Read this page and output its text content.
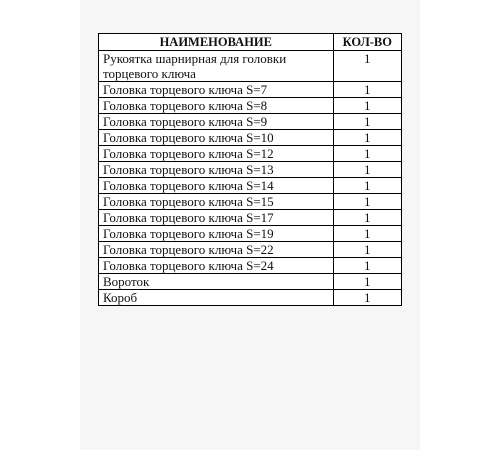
НАИМЕНОВАНИЕ	КОЛ-ВО
Рукоятка шарнирная для головки торцевого ключа	1
Головка торцевого ключа S=7	1
Головка торцевого ключа S=8	1
Головка торцевого ключа S=9	1
Головка торцевого ключа S=10	1
Головка торцевого ключа S=12	1
Головка торцевого ключа S=13	1
Головка торцевого ключа S=14	1
Головка торцевого ключа S=15	1
Головка торцевого ключа S=17	1
Головка торцевого ключа S=19	1
Головка торцевого ключа S=22	1
Головка торцевого ключа S=24	1
Вороток	1
Короб	1
